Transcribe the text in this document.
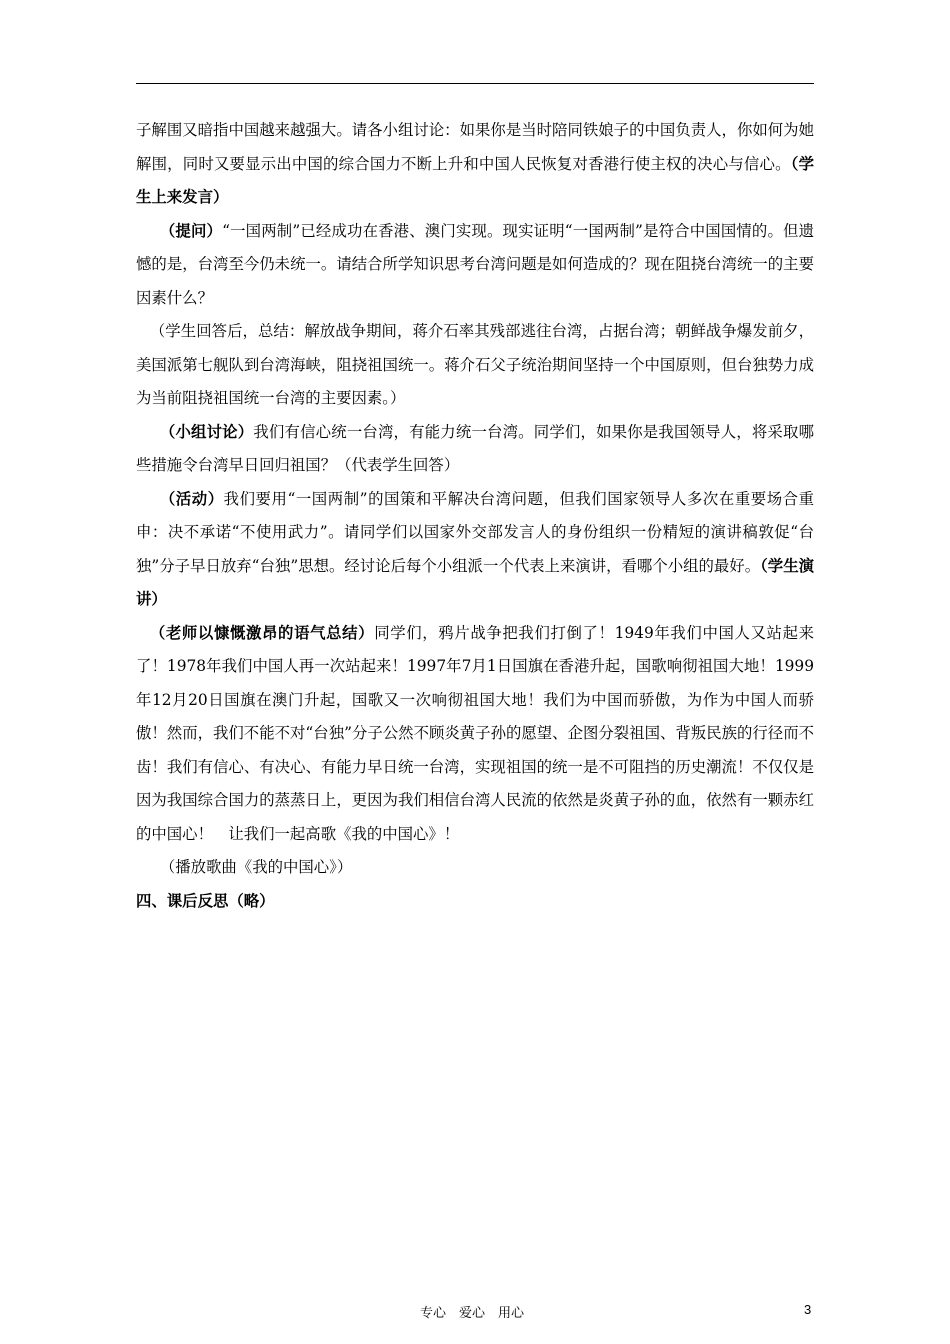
子解围又暗指中国越来越强大。请各小组讨论：如果你是当时陪同铁娘子的中国负责人，你如何为她解围，同时又要显示出中国的综合国力不断上升和中国人民恢复对香港行使主权的决心与信心。（学生上来发言）

（提问）“一国两制”已经成功在香港、澳门实现。现实证明“一国两制”是符合中国国情的。但遗憾的是，台湾至今仍未统一。请结合所学知识思考台湾问题是如何造成的？现在阻挠台湾统一的主要因素什么？

（学生回答后，总结：解放战争期间，蒋介石率其残部逃往台湾，占据台湾；朝鲜战争爆发前夕，美国派第七舰队到台湾海峡，阻挠祖国统一。蒋介石父子统治期间坚持一个中国原则，但台独势力成为当前阻挠祖国统一台湾的主要因素。）

（小组讨论）我们有信心统一台湾，有能力统一台湾。同学们，如果你是我国领导人，将采取哪些措施令台湾早日回归祖国？（代表学生回答）

（活动）我们要用“一国两制”的国策和平解决台湾问题，但我们国家领导人多次在重要场合重申：决不承诺“不使用武力”。请同学们以国家外交部发言人的身份组织一份精短的演讲稿敦促“台独”分子早日放弃“台独”思想。经讨论后每个小组派一个代表上来演讲，看哪个小组的最好。（学生演讲）

（老师以慷慨激昂的语气总结）同学们，鸦片战争把我们打倒了！1949年我们中国人又站起来了！1978年我们中国人再一次站起来！1997年7月1日国旗在香港升起，国歌响彻祖国大地！1999年12月20日国旗在澳门升起，国歌又一次响彻祖国大地！我们为中国而骄傲，为作为中国人而骄傲！然而，我们不能不对“台独”分子公然不顾炎黄子孙的愿望、企图分裂祖国、背叛民族的行径而不齿！我们有信心、有决心、有能力早日统一台湾，实现祖国的统一是不可阻挡的历史潮流！不仅仅是因为我国综合国力的蒸蒸日上，更因为我们相信台湾人民流的依然是炎黄子孙的血，依然有一颗赤红的中国心！　让我们一起高歌《我的中国心》！

（播放歌曲《我的中国心》）

四、课后反思（略）

专心　爱心　用心	3
